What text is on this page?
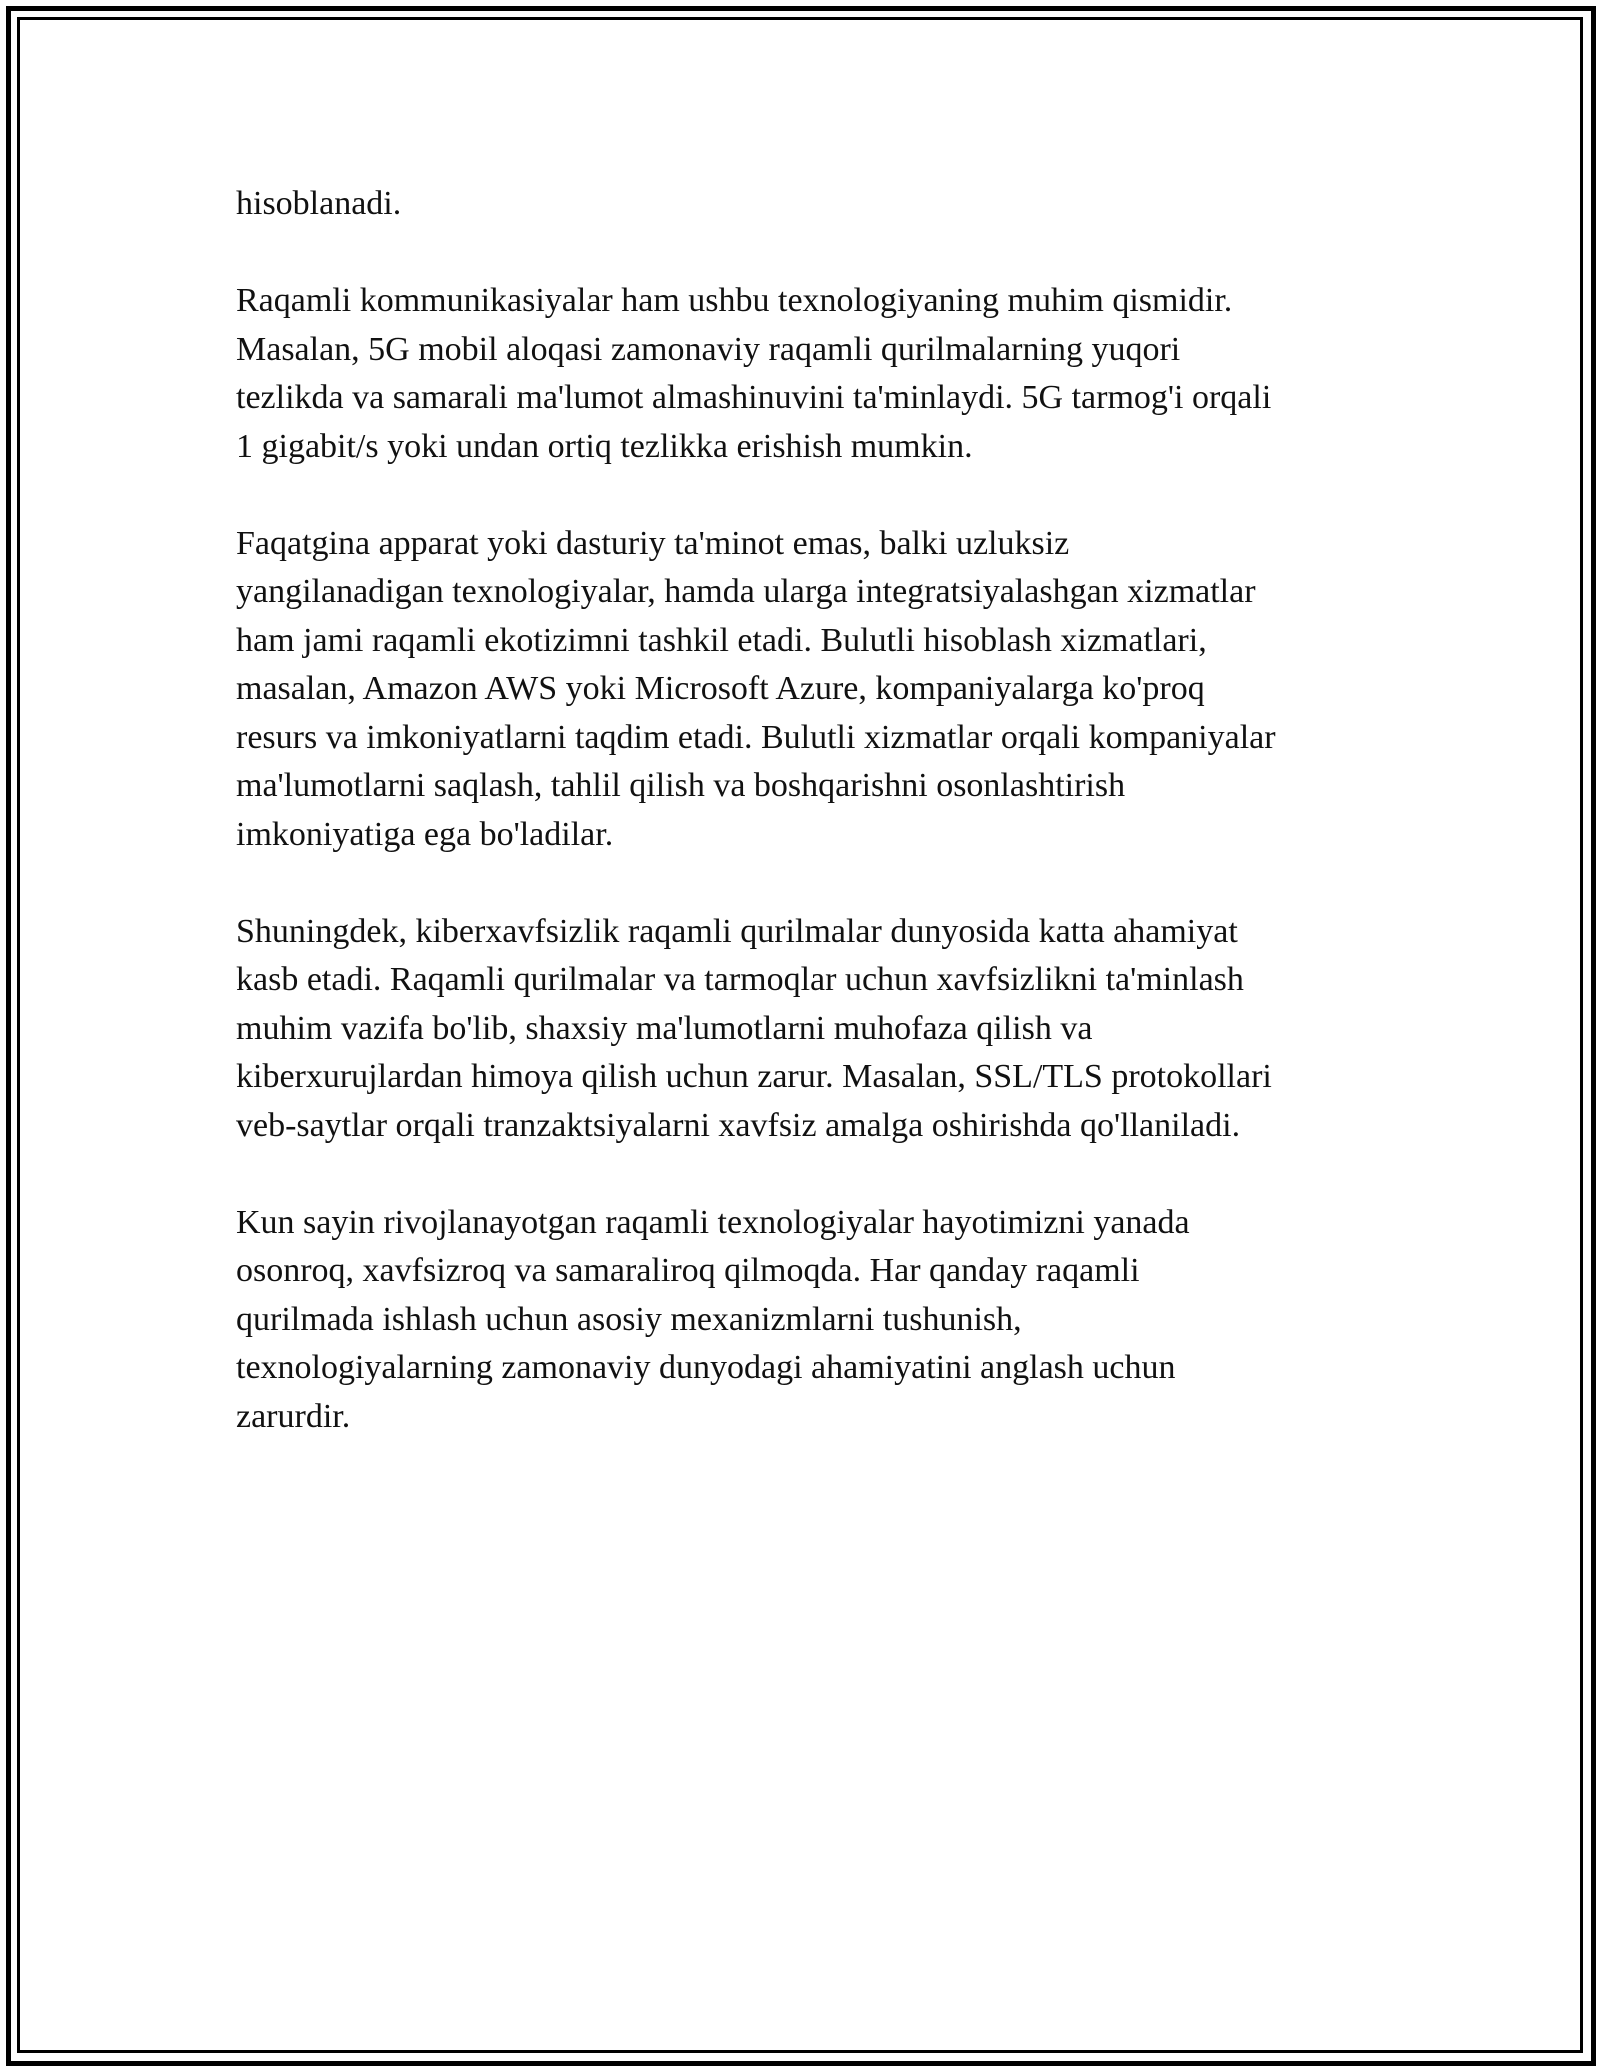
hisoblanadi.

Raqamli kommunikasiyalar ham ushbu texnologiyaning muhim qismidir.
Masalan, 5G mobil aloqasi zamonaviy raqamli qurilmalarning yuqori
tezlikda va samarali ma'lumot almashinuvini ta'minlaydi. 5G tarmog'i orqali
1 gigabit/s yoki undan ortiq tezlikka erishish mumkin.

Faqatgina apparat yoki dasturiy ta'minot emas, balki uzluksiz
yangilanadigan texnologiyalar, hamda ularga integratsiyalashgan xizmatlar
ham jami raqamli ekotizimni tashkil etadi. Bulutli hisoblash xizmatlari,
masalan, Amazon AWS yoki Microsoft Azure, kompaniyalarga ko'proq
resurs va imkoniyatlarni taqdim etadi. Bulutli xizmatlar orqali kompaniyalar
ma'lumotlarni saqlash, tahlil qilish va boshqarishni osonlashtirish
imkoniyatiga ega bo'ladilar.

Shuningdek, kiberxavfsizlik raqamli qurilmalar dunyosida katta ahamiyat
kasb etadi. Raqamli qurilmalar va tarmoqlar uchun xavfsizlikni ta'minlash
muhim vazifa bo'lib, shaxsiy ma'lumotlarni muhofaza qilish va
kiberxurujlardan himoya qilish uchun zarur. Masalan, SSL/TLS protokollari
veb-saytlar orqali tranzaktsiyalarni xavfsiz amalga oshirishda qo'llaniladi.

Kun sayin rivojlanayotgan raqamli texnologiyalar hayotimizni yanada
osonroq, xavfsizroq va samaraliroq qilmoqda. Har qanday raqamli
qurilmada ishlash uchun asosiy mexanizmlarni tushunish,
texnologiyalarning zamonaviy dunyodagi ahamiyatini anglash uchun
zarurdir.
